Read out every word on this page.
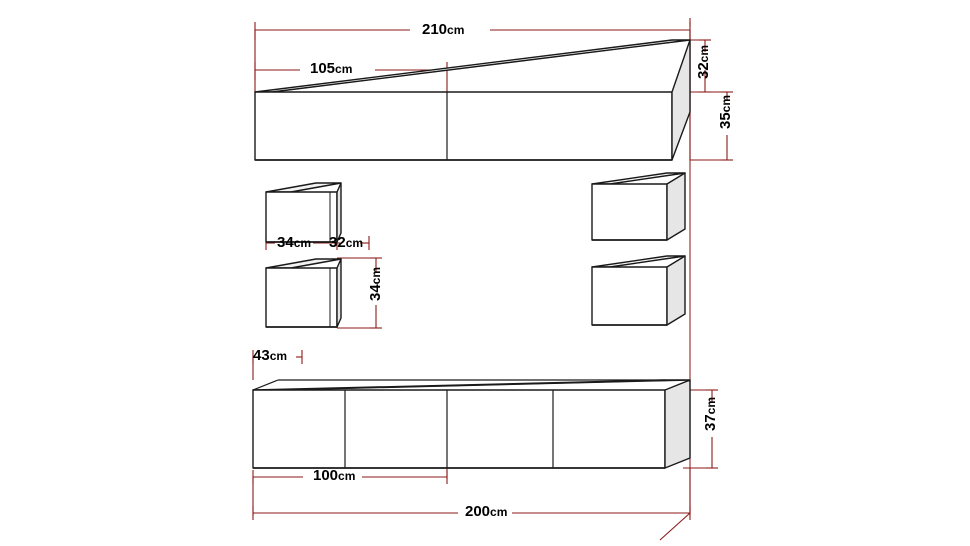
210cm
105cm	32cm
35cm
34cm 32cm
34cm
43cm
37cm
100cm
200cm
